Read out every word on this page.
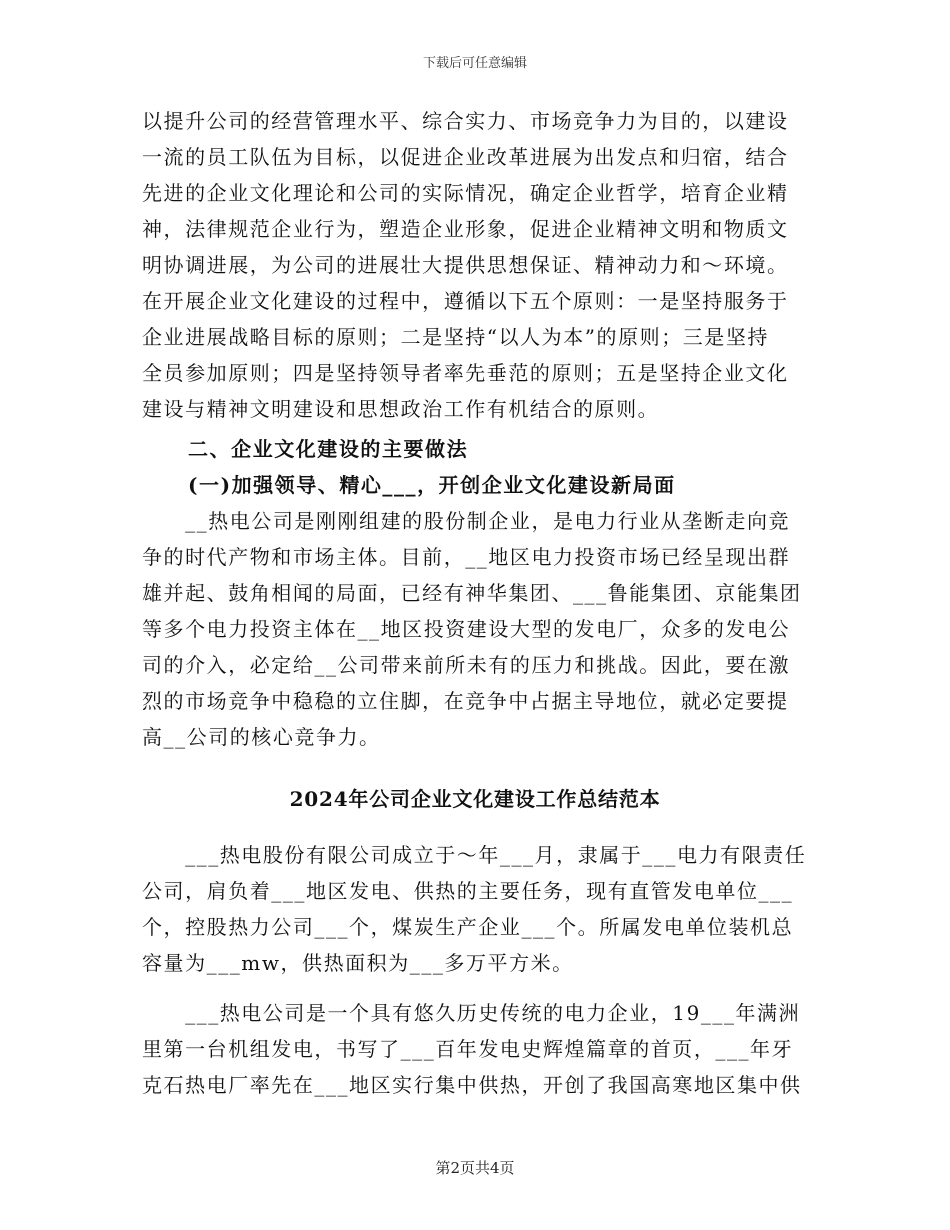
下载后可任意编辑
以提升公司的经营管理水平、综合实力、市场竞争力为目的，以建设
一流的员工队伍为目标，以促进企业改革进展为出发点和归宿，结合
先进的企业文化理论和公司的实际情况，确定企业哲学，培育企业精
神，法律规范企业行为，塑造企业形象，促进企业精神文明和物质文
明协调进展，为公司的进展壮大提供思想保证、精神动力和～环境。
在开展企业文化建设的过程中，遵循以下五个原则：一是坚持服务于
企业进展战略目标的原则；二是坚持“以人为本”的原则；三是坚持
全员参加原则；四是坚持领导者率先垂范的原则；五是坚持企业文化
建设与精神文明建设和思想政治工作有机结合的原则。
二、企业文化建设的主要做法
(一)加强领导、精心___，开创企业文化建设新局面
　　__热电公司是刚刚组建的股份制企业，是电力行业从垄断走向竞
争的时代产物和市场主体。目前，__地区电力投资市场已经呈现出群
雄并起、鼓角相闻的局面，已经有神华集团、___鲁能集团、京能集团
等多个电力投资主体在__地区投资建设大型的发电厂，众多的发电公
司的介入，必定给__公司带来前所未有的压力和挑战。因此，要在激
烈的市场竞争中稳稳的立住脚，在竞争中占据主导地位，就必定要提
高__公司的核心竞争力。
2024年公司企业文化建设工作总结范本
　　___热电股份有限公司成立于～年___月，隶属于___电力有限责任
公司，肩负着___地区发电、供热的主要任务，现有直管发电单位___
个，控股热力公司___个，煤炭生产企业___个。所属发电单位装机总
容量为___mw，供热面积为___多万平方米。
　　___热电公司是一个具有悠久历史传统的电力企业，19___年满洲
里第一台机组发电，书写了___百年发电史辉煌篇章的首页，___年牙
克石热电厂率先在___地区实行集中供热，开创了我国高寒地区集中供
第2页共4页
